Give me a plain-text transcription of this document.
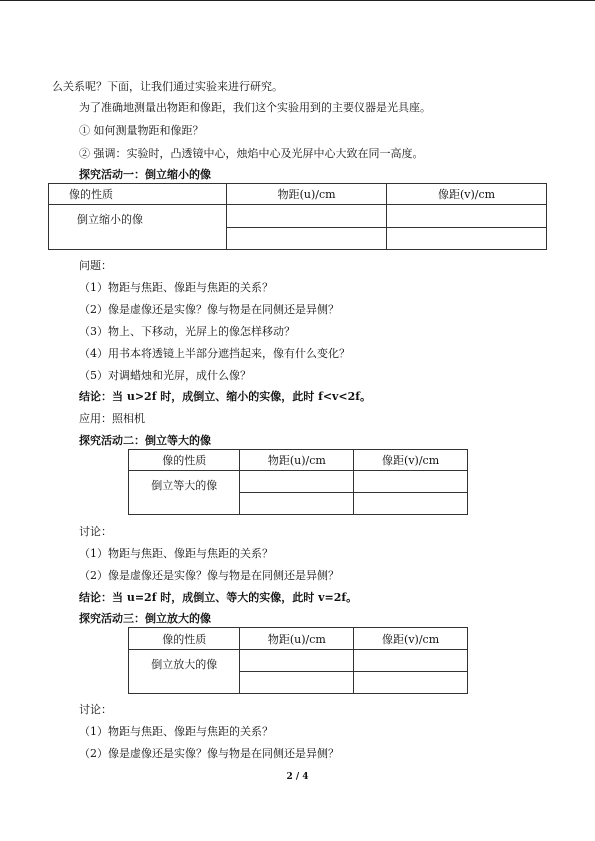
么关系呢？下面，让我们通过实验来进行研究。
为了准确地测量出物距和像距，我们这个实验用到的主要仪器是光具座。
① 如何测量物距和像距？
② 强调：实验时，凸透镜中心，烛焰中心及光屏中心大致在同一高度。
探究活动一：倒立缩小的像
像的性质	物距(u)/cm	像距(v)/cm
倒立缩小的像		

问题：
（1）物距与焦距、像距与焦距的关系？
（2）像是虚像还是实像？像与物是在同侧还是异侧？
（3）物上、下移动，光屏上的像怎样移动？
（4）用书本将透镜上半部分遮挡起来，像有什么变化？
（5）对调蜡烛和光屏，成什么像？
结论：当 u>2f 时，成倒立、缩小的实像，此时 f<v<2f。
应用：照相机
探究活动二：倒立等大的像
像的性质	物距(u)/cm	像距(v)/cm
倒立等大的像		

讨论：
（1）物距与焦距、像距与焦距的关系？
（2）像是虚像还是实像？像与物是在同侧还是异侧？
结论：当 u=2f 时，成倒立、等大的实像，此时 v=2f。
探究活动三：倒立放大的像
像的性质	物距(u)/cm	像距(v)/cm
倒立放大的像		

讨论：
（1）物距与焦距、像距与焦距的关系？
（2）像是虚像还是实像？像与物是在同侧还是异侧？
2 / 4
